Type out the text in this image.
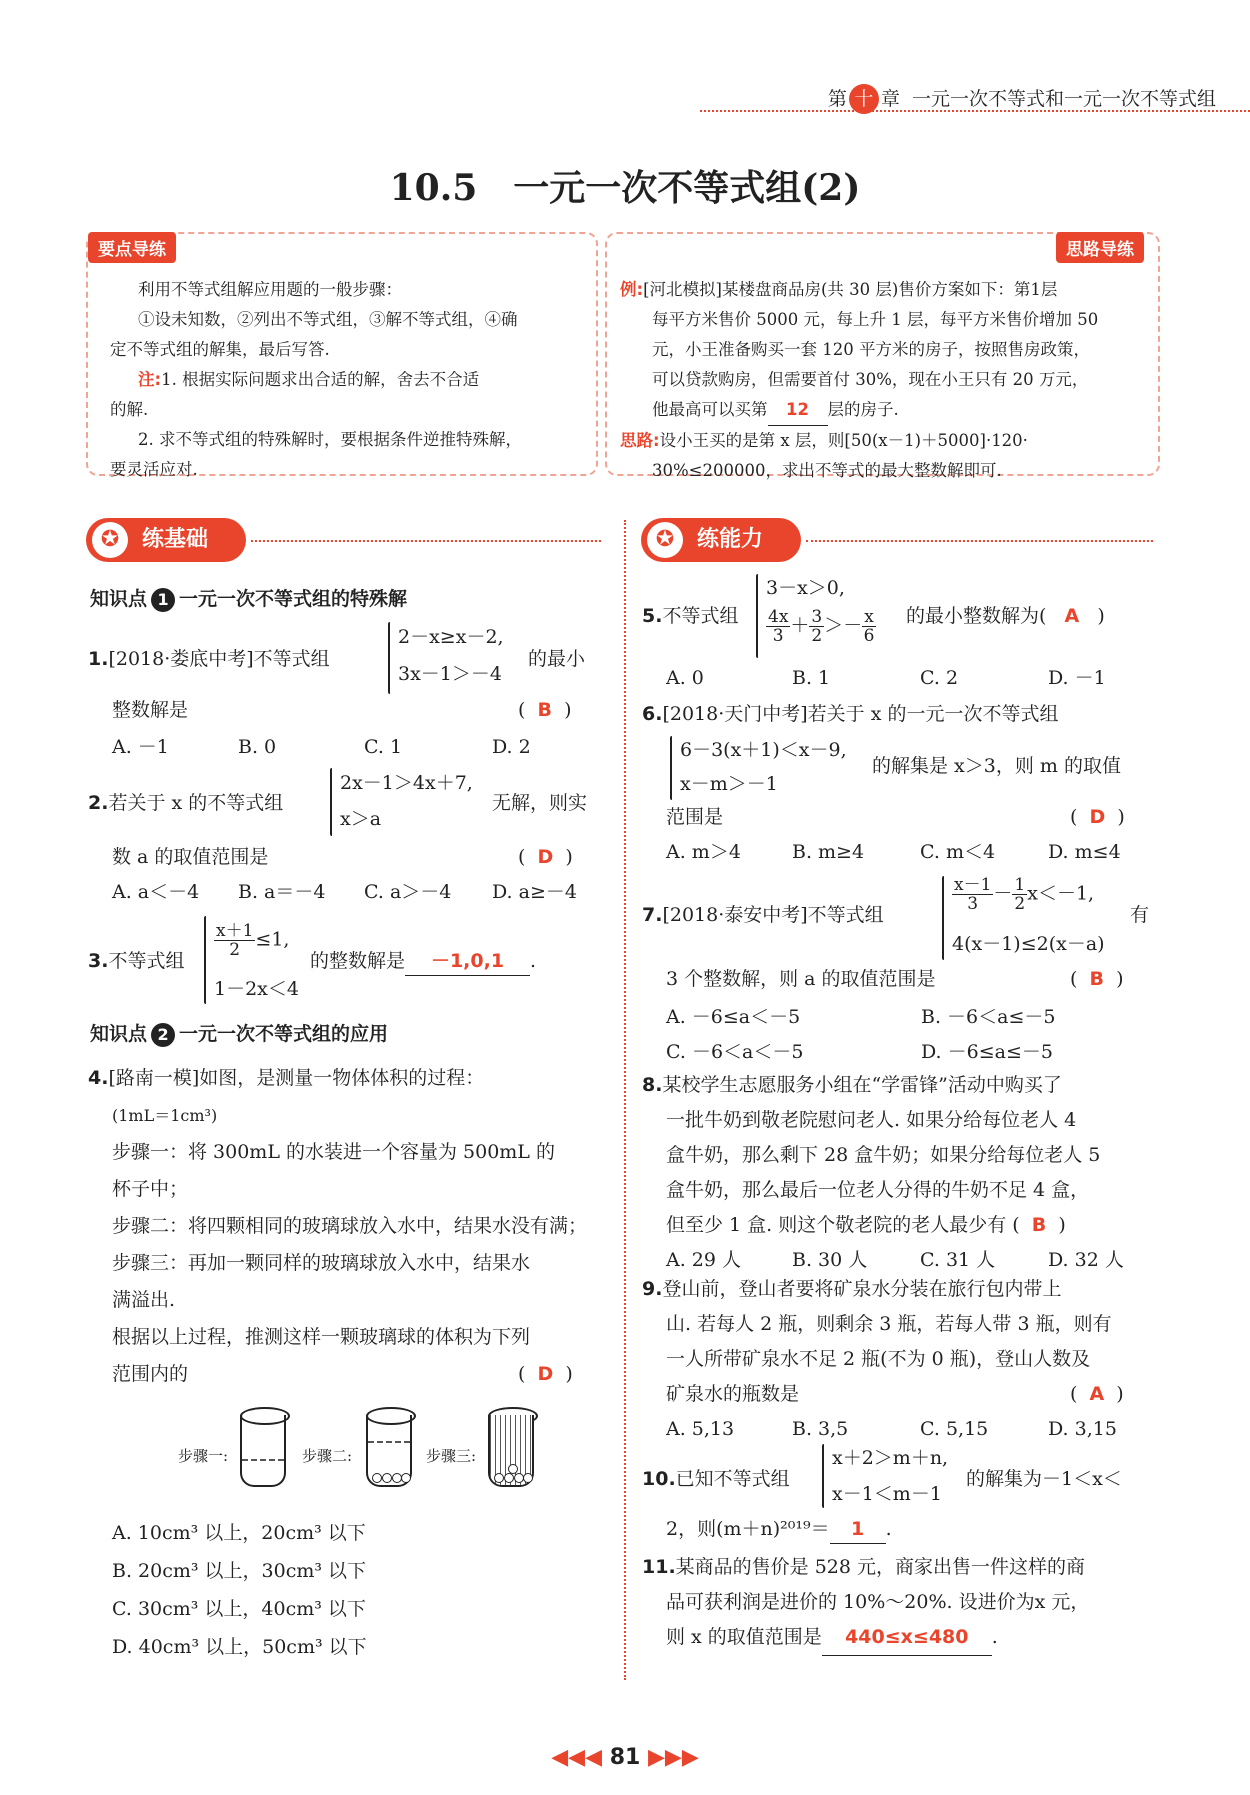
第 十 章 一元一次不等式和一元一次不等式组
10.5　一元一次不等式组(2)
要点导练
利用不等式组解应用题的一般步骤：
①设未知数，②列出不等式组，③解不等式组，④确
定不等式组的解集，最后写答.
注:1. 根据实际问题求出合适的解，舍去不合适
的解.
2. 求不等式组的特殊解时，要根据条件逆推特殊解，
要灵活应对.
思路导练
例:[河北模拟]某楼盘商品房(共 30 层)售价方案如下：第1层
每平方米售价 5000 元，每上升 1 层，每平方米售价增加 50
元，小王准备购买一套 120 平方米的房子，按照售房政策，
可以贷款购房，但需要首付 30%，现在小王只有 20 万元，
他最高可以买第 12 层的房子.
思路:设小王买的是第 x 层，则[50(x－1)＋5000]·120·
30%≤200000，求出不等式的最大整数解即可.
✪	练基础	✪	练能力
知识点 1 一元一次不等式组的特殊解
1.[2018·娄底中考]不等式组
2－x≥x－2,
3x－1＞－4
的最小
整数解是	(  B  )
A. －1	B. 0	C. 1	D. 2
2.若关于 x 的不等式组
2x－1＞4x＋7,
x＞a
无解，则实
数 a 的取值范围是	(  D  )
A. a＜－4	B. a＝－4	C. a＞－4	D. a≥－4
3.不等式组
$\frac{x+1}{2} \le 1$,
1－2x＜4
的整数解是 －1,0,1 .
知识点 2 一元一次不等式组的应用
4.[路南一模]如图，是测量一物体体积的过程：
(1mL＝1cm³)
步骤一：将 300mL 的水装进一个容量为 500mL 的
杯子中；
步骤二：将四颗相同的玻璃球放入水中，结果水没有满；
步骤三：再加一颗同样的玻璃球放入水中，结果水
满溢出.
根据以上过程，推测这样一颗玻璃球的体积为下列
范围内的	(  D  )
步骤一:	步骤二:	步骤三:
A. 10cm³ 以上，20cm³ 以下
B. 20cm³ 以上，30cm³ 以下
C. 30cm³ 以上，40cm³ 以下
D. 40cm³ 以上，50cm³ 以下
5.不等式组
3－x＞0,
$\frac{4x}{3} + \frac{3}{2} >- \frac{x}{6}$ 的最小整数解为(   A   )
A. 0	B. 1	C. 2	D. －1
6.[2018·天门中考]若关于 x 的一元一次不等式组
6－3(x＋1)＜x－9,
x－m＞－1
的解集是 x＞3，则 m 的取值
范围是	(  D  )
A. m＞4	B. m≥4	C. m＜4	D. m≤4
7.[2018·泰安中考]不等式组
$\frac{x-1}{3} - \frac{1}{2} x<-1$,
4(x－1)≤2(x－a)
有
3 个整数解，则 a 的取值范围是	(  B  )
A. －6≤a＜－5	B. －6＜a≤－5
C. －6＜a＜－5	D. －6≤a≤－5
8.某校学生志愿服务小组在“学雷锋”活动中购买了
一批牛奶到敬老院慰问老人. 如果分给每位老人 4
盒牛奶，那么剩下 28 盒牛奶；如果分给每位老人 5
盒牛奶，那么最后一位老人分得的牛奶不足 4 盒，
但至少 1 盒. 则这个敬老院的老人最少有 (  B  )
A. 29 人	B. 30 人	C. 31 人	D. 32 人
9.登山前，登山者要将矿泉水分装在旅行包内带上
山. 若每人 2 瓶，则剩余 3 瓶，若每人带 3 瓶，则有
一人所带矿泉水不足 2 瓶(不为 0 瓶)，登山人数及
矿泉水的瓶数是	(  A  )
A. 5,13	B. 3,5	C. 5,15	D. 3,15
10.已知不等式组
x＋2＞m＋n,
x－1＜m－1
的解集为－1＜x＜
2，则(m＋n)²⁰¹⁹＝ 1 .
11.某商品的售价是 528 元，商家出售一件这样的商
品可获利润是进价的 10%～20%. 设进价为x 元，
则 x 的取值范围是 440≤x≤480 .
◀◀◀ 81 ▶▶▶
